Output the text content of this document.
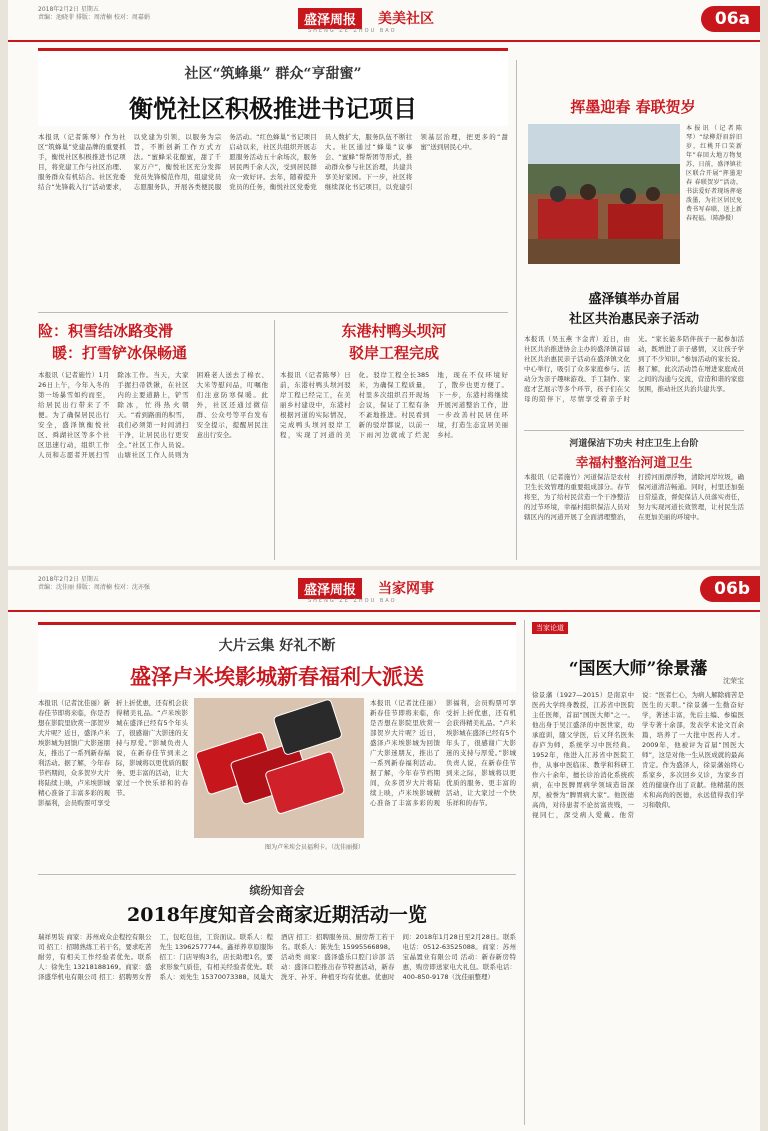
2018年2月2日 星期五
责编：池晓菲 排版：周清楠 校对：周嘉娟	盛泽周报	美美社区
SHENG ZE ZHOU BAO
06a
社区“筑蜂巢” 群众“亨甜蜜”
衡悦社区积极推进书记项目
本报讯（记者陈琴）作为社区“筑蜂巢”党建品牌的重要抓手，衡悦社区积极推进书记项目，将党建工作与社区治理、服务群众有机结合。社区党委结合“先锋载入行”活动要求，以党建为引领，以服务为宗旨，不断创新工作方式方法。“蜜蜂采花酿蜜，甜了千家万户”，衡悦社区充分发挥党员先锋模范作用，组建党员志愿服务队，开展各类便民服务活动。“红色蜂巢”书记项目启动以来，社区共组织开展志愿服务活动五十余场次，服务居民两千余人次，受到居民群众一致好评。去年，随着提升党员的任务，衡悦社区党委党员人数扩大，服务队伍不断壮大。社区通过“蜂巢”议事会、“蜜蜂”帮帮团等形式，推动群众参与社区治理，共建共享美好家园。下一步，社区将继续深化书记项目，以党建引领基层治理，把更多的“甜蜜”送到居民心中。
挥墨迎春 春联贺岁
本报讯（记者陈琴）“绿柳舒眉辞旧岁，红桃开口笑新年”春回大地万物复苏，日前，盛泽镇社区联合开展“挥墨迎春 春联贺岁”活动，书法爱好者现场挥毫泼墨，为社区居民免费书写春联，送上新春祝福。（陈静摄）
险：积雪结冰路变滑
暖：打雪铲冰保畅通
本报讯（记者施竹）1月26日上午，今年入冬的第一场暴雪如约而至，给居民出行带来了不便。为了确保居民出行安全，盛泽镇衡悦社区、舜湖社区等多个社区迅速行动，组织工作人员和志愿者开展扫雪除冰工作。当天，大家手握扫帚铁锹，在社区内的主要道路上，铲雪除冰，忙得热火朝天。“看到路面的积雪，我们必须第一时间清扫干净，让居民出行更安全。”社区工作人员说。山塘社区工作人员则为困难老人送去了棉衣、大米等慰问品，叮嘱他们注意防寒保暖。此外，社区还通过微信群、公众号等平台发布安全提示，提醒居民注意出行安全。
东港村鸭头坝河
驳岸工程完成
本报讯（记者陈琴）日前，东港村鸭头坝河驳岸工程已经完工，在美丽乡村建设中，东港村根据河道的实际情况，完成鸭头坝河驳岸工程，实现了河道的美化。驳岸工程全长385米，为确保工程质量，村里多次组织召开现场会议，保证了工程有条不紊地推进。村民看到新的驳岸都说，以前一下雨河边就成了烂泥地，现在不仅环境好了，散步也更方便了。下一步，东港村将继续开展河道整治工作，进一步改善村民居住环境，打造生态宜居美丽乡村。
盛泽镇举办首届
社区共治惠民亲子活动
本报讯（吴玉燕 卞金青）近日，由社区共治推进协会主办的盛泽镇首届社区共治惠民亲子活动在盛泽镇文化中心举行，吸引了众多家庭参与。活动分为亲子趣味游戏、手工制作、家庭才艺展示等多个环节，孩子们在父母的陪伴下，尽情享受着亲子时光。“家长能多陪伴孩子一起参加活动，既增进了亲子感情，又让孩子学到了不少知识。”参加活动的家长说。据了解，此次活动旨在增进家庭成员之间的沟通与交流，营造和谐的家庭氛围，推动社区共治共建共享。
河道保洁下功夫 村庄卫生上台阶
幸福村整治河道卫生
本报讯（记者施竹）河道保洁是农村卫生长效管理的重要组成部分。春节将至，为了给村民营造一个干净整洁的过节环境，幸福村组织保洁人员对辖区内的河道开展了全面清理整治，打捞河面漂浮物，清除河岸垃圾，确保河道清洁畅通。同时，村里还加强日常巡查，督促保洁人员落实责任，努力实现河道长效管理，让村民生活在更加美丽的环境中。
2018年2月2日 星期五
责编：沈佳丽 排版：周清楠 校对：沈亦强	盛泽周报	当家网事
SHENG ZE ZHOU BAO
06b
大片云集 好礼不断
盛泽卢米埃影城新春福利大派送
本报讯（记者沈佳丽）新春佳节即将来临，你是否想在影院里欣赏一部贺岁大片呢？近日，盛泽卢米埃影城为回馈广大影迷朋友，推出了一系列新春福利活动。据了解，今年春节档期间，众多贺岁大片将陆续上映，卢米埃影城精心准备了丰富多彩的观影福利，会员购票可享受折上折优惠，还有机会获得精美礼品。“卢米埃影城在盛泽已经有5个年头了，很感谢广大影迷的支持与厚爱。”影城负责人说，在新春佳节到来之际，影城将以更优质的服务、更丰富的活动，让大家过一个快乐祥和的春节。
图为卢米埃会员福利卡。（沈佳丽摄）
本报讯（记者沈佳丽）新春佳节即将来临，你是否想在影院里欣赏一部贺岁大片呢？近日，盛泽卢米埃影城为回馈广大影迷朋友，推出了一系列新春福利活动。据了解，今年春节档期间，众多贺岁大片将陆续上映，卢米埃影城精心准备了丰富多彩的观影福利，会员购票可享受折上折优惠，还有机会获得精美礼品。“卢米埃影城在盛泽已经有5个年头了，很感谢广大影迷的支持与厚爱。”影城负责人说，在新春佳节到来之际，影城将以更优质的服务、更丰富的活动，让大家过一个快乐祥和的春节。
缤纷知音会
2018年度知音会商家近期活动一览
瑞祥男装 商家：苏州成众企程控有限公司 招工：招聘熟练工若干名，要求吃苦耐劳，有相关工作经验者优先。联系人：徐先生 13218188169。商家：盛泽盛华机电有限公司 招工：招聘男女普工，包吃包住，工资面议。联系人：程先生 13962577744。鑫祥养草原服饰 招工：门店导购3名，店长助理1名，要求形象气质佳，有相关经验者优先。联系人：刘先生 15370073388。凤巢大酒店 招工：招聘服务员、厨房帮工若干名。联系人：陈先生 15995566898。活动类 商家：盛泽盛乐口腔门诊部 活动：盛泽口腔推出春节特惠活动，新春洗牙、补牙、种植牙均有优惠。优惠时间：2018年1月28日至2月28日。联系电话：0512-63525088。商家：苏州宝晶置业有限公司 活动：新春新房特惠，购房即送家电大礼包。联系电话：400-850-9178（沈佳丽整理）
当家论道
“国医大师”徐景藩
沈荣宝
徐景藩（1927—2015）是南京中医药大学终身教授，江苏省中医院主任医师，首届“国医大师”之一。他出身于吴江盛泽的中医世家，幼承庭训，随父学医，后又拜名医朱春庐为师，系统学习中医经典。1952年，他进入江苏省中医院工作，从事中医临床、教学和科研工作六十余年，擅长诊治消化系统疾病，在中医脾胃病学领域造诣深厚，被誉为“脾胃病大家”。他医德高尚，对待患者不论贫富贵贱，一视同仁，深受病人爱戴。他常说：“医者仁心，为病人解除痛苦是医生的天职。”徐景藩一生勤奋好学，著述丰富，先后主编、参编医学专著十余部，发表学术论文百余篇，培养了一大批中医药人才。2009年，他被评为首届“国医大师”，这是对他一生从医成就的最高肯定。作为盛泽人，徐景藩始终心系家乡，多次回乡义诊，为家乡百姓的健康作出了贡献。他精湛的医术和高尚的医德，永远值得我们学习和敬仰。
